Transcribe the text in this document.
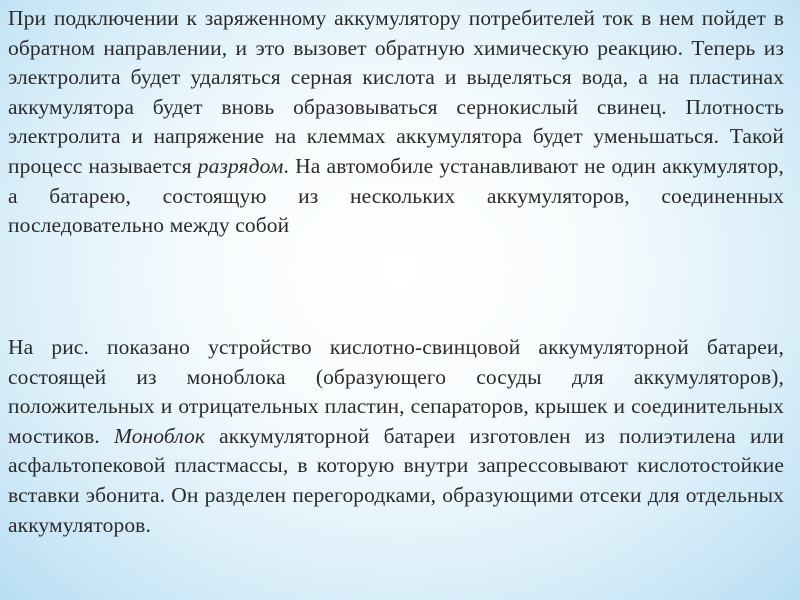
При подключении к заряженному аккумулятору потребителей ток в нем пойдет в обратном направлении, и это вызовет обратную химическую реакцию. Теперь из электролита будет удаляться серная кислота и выделяться вода, а на пластинах аккумулятора будет вновь образовываться сернокислый свинец. Плотность электролита и напряжение на клеммах аккумулятора будет уменьшаться. Такой процесс называется разрядом. На автомобиле устанавливают не один аккумулятор, а батарею, состоящую из нескольких аккумуляторов, соединенных последовательно между собой
На рис. показано устройство кислотно-свинцовой аккумуляторной батареи, состоящей из моноблока (образующего сосуды для аккумуляторов), положительных и отрицательных пластин, сепараторов, крышек и соединительных мостиков. Моноблок аккумуляторной батареи изготовлен из полиэтилена или асфальтопековой пластмассы, в которую внутри запрессовывают кислотостойкие вставки эбонита. Он разделен перегородками, образующими отсеки для отдельных аккумуляторов.
